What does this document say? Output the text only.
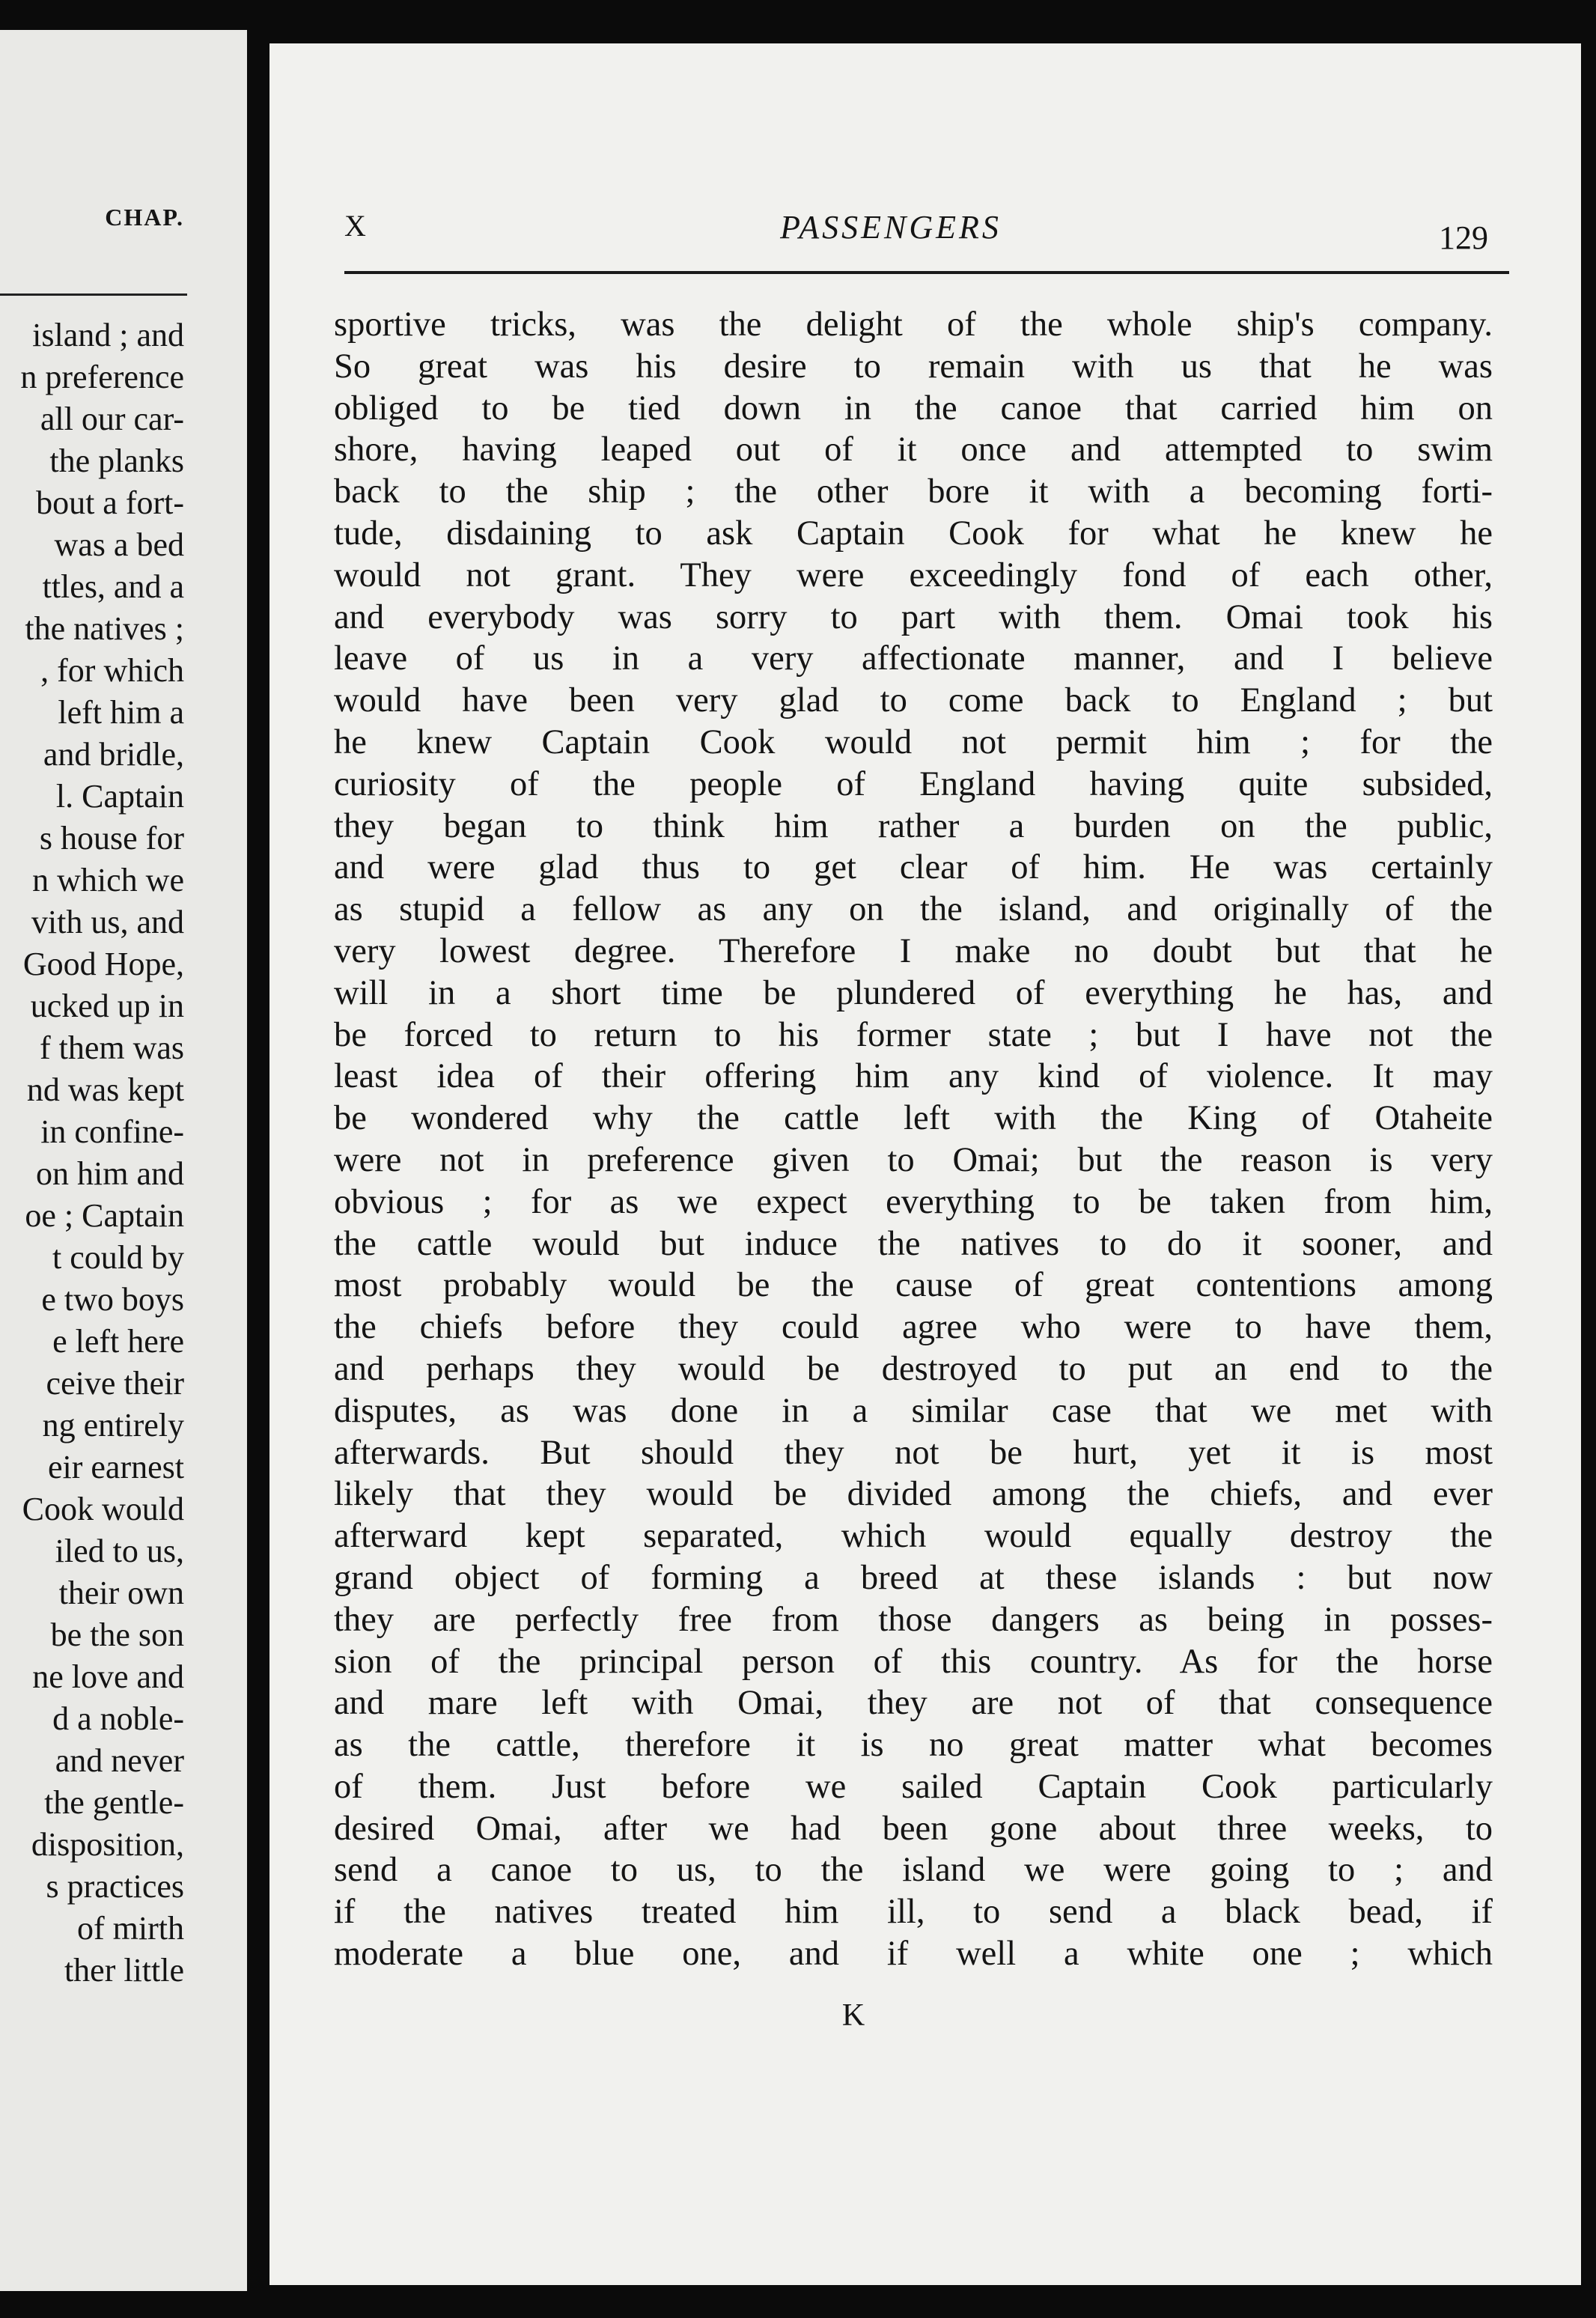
CHAP.
island ; and
n preference
all our car-
the planks
bout a fort-
was a bed
ttles, and a
the natives ;
, for which
left him a
and bridle,
l. Captain
s house for
n which we
vith us, and
Good Hope,
ucked up in
f them was
nd was kept
in confine-
on him and
oe ; Captain
t could by
e two boys
e left here
ceive their
ng entirely
eir earnest
Cook would
iled to us,
their own
be the son
ne love and
d a noble-
and never
the gentle-
disposition,
s practices
of mirth
ther little
X	PASSENGERS	129
sportive tricks, was the delight of the whole ship's company.
So great was his desire to remain with us that he was
obliged to be tied down in the canoe that carried him on
shore, having leaped out of it once and attempted to swim
back to the ship ; the other bore it with a becoming forti-
tude, disdaining to ask Captain Cook for what he knew he
would not grant. They were exceedingly fond of each other,
and everybody was sorry to part with them. Omai took his
leave of us in a very affectionate manner, and I believe
would have been very glad to come back to England ; but
he knew Captain Cook would not permit him ; for the
curiosity of the people of England having quite subsided,
they began to think him rather a burden on the public,
and were glad thus to get clear of him. He was certainly
as stupid a fellow as any on the island, and originally of the
very lowest degree. Therefore I make no doubt but that he
will in a short time be plundered of everything he has, and
be forced to return to his former state ; but I have not the
least idea of their offering him any kind of violence. It may
be wondered why the cattle left with the King of Otaheite
were not in preference given to Omai; but the reason is very
obvious ; for as we expect everything to be taken from him,
the cattle would but induce the natives to do it sooner, and
most probably would be the cause of great contentions among
the chiefs before they could agree who were to have them,
and perhaps they would be destroyed to put an end to the
disputes, as was done in a similar case that we met with
afterwards. But should they not be hurt, yet it is most
likely that they would be divided among the chiefs, and ever
afterward kept separated, which would equally destroy the
grand object of forming a breed at these islands : but now
they are perfectly free from those dangers as being in posses-
sion of the principal person of this country. As for the horse
and mare left with Omai, they are not of that consequence
as the cattle, therefore it is no great matter what becomes
of them. Just before we sailed Captain Cook particularly
desired Omai, after we had been gone about three weeks, to
send a canoe to us, to the island we were going to ; and
if the natives treated him ill, to send a black bead, if
moderate a blue one, and if well a white one ; which
K
